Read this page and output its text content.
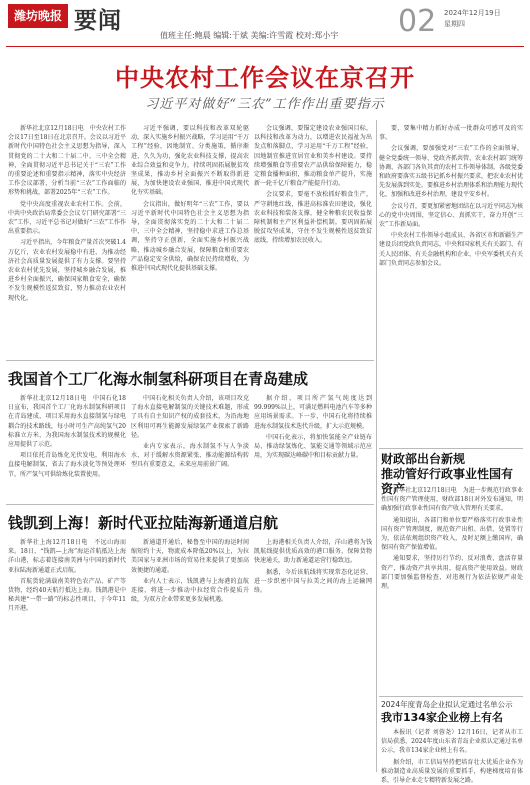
潍坊晚报 要闻
值班主任:鲍晨 编辑:于斌 美编:许雪霞 校对:郑小宇 02 2024年12月19日
星期四
中央农村工作会议在京召开
习近平对做好“三农”工作作出重要指示

新华社北京12月18日电　中央农村工作会议17日至18日在北京召开。会议以习近平新时代中国特色社会主义思想为指导，深入贯彻党的二十大和二十届二中、三中全会精神，全面贯彻习近平总书记关于“三农”工作的重要论述和重要指示精神，落实中央经济工作会议部署，分析当前“三农”工作面临的形势和挑战，部署2025年“三农”工作。

党中央高度重视农业农村工作。会前，中共中央政治局常委会会议专门研究部署“三农”工作，习近平总书记对做好“三农”工作作出重要指示。

习近平指出，今年粮食产量首次突破1.4万亿斤，农业农村发展稳中有进，为推动经济社会高质量发展提供了有力支撑。要坚持农业农村优先发展，坚持城乡融合发展，推进乡村全面振兴，确保国家粮食安全，确保不发生规模性返贫致贫，努力推动农业农村现代化。

习近平强调，要以科技和改革双轮驱动，深入实施乡村振兴战略，学习运用“千万工程”经验，因地制宜、分类施策，循序渐进、久久为功，强化农业科技支撑，提高农业综合效益和竞争力，持续巩固拓展脱贫攻坚成果，推动乡村全面振兴不断取得新进展，为加快建设农业强国、推进中国式现代化夯实基础。

会议指出，做好明年“三农”工作，要以习近平新时代中国特色社会主义思想为指导，全面贯彻落实党的二十大和二十届二中、三中全会精神，坚持稳中求进工作总基调，坚持守正创新，全面实施乡村振兴战略，推动城乡融合发展，保障粮食和重要农产品稳定安全供给，确保农民持续增收，为推进中国式现代化提供基础支撑。

会议强调，要锚定建设农业强国目标，以科技和改革为动力，以增进农民福祉为出发点和落脚点，学习运用“千万工程”经验，因地制宜推进宜居宜业和美乡村建设。要持续增强粮食等重要农产品供给保障能力，稳定粮食播种面积，推动粮食单产提升，实施新一轮千亿斤粮食产能提升行动。

会议要求，要毫不放松抓好粮食生产，严守耕地红线，推进高标准农田建设，强化农业科技和装备支撑，健全种粮农民收益保障机制和主产区利益补偿机制。要巩固拓展脱贫攻坚成果，守住不发生规模性返贫致贫底线，持续增加农民收入。

要，要集中精力抓好办成一批群众可感可及的实事。

会议强调，要加强党对“三农”工作的全面领导，健全党委统一领导、党政齐抓共管、农业农村部门统筹协调、各部门各负其责的农村工作领导体制。各级党委和政府要落实五级书记抓乡村振兴要求，把农业农村优先发展落到实处。要推进乡村治理体系和治理能力现代化，加强和改进乡村治理，建设平安乡村。

会议号召，要更加紧密地团结在以习近平同志为核心的党中央周围，坚定信心、真抓实干，奋力开创“三农”工作新局面。

中央农村工作领导小组成员、各省区市和新疆生产建设兵团党政负责同志，中央和国家机关有关部门、有关人民团体、有关金融机构和企业、中央军委机关有关部门负责同志参加会议。

我国首个工厂化海水制氢科研项目在青岛建成

新华社北京12月18日电　中国石化18日宣布，我国首个工厂化海水制氢科研项目在青岛建成，项目采用海水直接制氢与绿电耦合的技术路线，每小时可生产高纯氢气20标准立方米，为我国海水制氢技术的规模化应用提供了示范。

项目依托青岛炼化光伏发电，利用海水直接电解制氢，省去了海水淡化等预处理环节，所产氢气可供给炼化装置使用。

中国石化相关负责人介绍，该项目攻克了海水直接电解制氢的关键技术难题，形成了具有自主知识产权的成套技术，为沿海地区利用可再生能源发展绿氢产业探索了新路径。

业内专家表示，海水制氢不与人争淡水，对于缓解水资源紧张、推动能源结构转型具有重要意义，未来应用前景广阔。

据介绍，项目所产氢气纯度达到99.999%以上，可满足燃料电池汽车等多种应用场景需求。下一步，中国石化将持续推进海水制氢技术迭代升级，扩大示范规模。

中国石化表示，将加快氢能全产业链布局，推动绿氢炼化、氢能交通等领域示范应用，为实现碳达峰碳中和目标贡献力量。

钱凯到上海！新时代亚拉陆海新通道启航

新华社上海12月18日电　不远山海而来。18日，“钱凯—上海”海运首航抵达上海洋山港，标志着连接南美洲与中国的新时代亚拉陆海新通道正式启航。

首航货轮满载南美特色农产品、矿产等货物，经约40天航行抵达上海。钱凯港是中秘共建“一带一路”的标志性项目，于今年11月开港。

新通道开通后，秘鲁至中国的海运时间缩短约十天，物流成本降低20%以上，为拉美国家与亚洲市场的贸易往来提供了更加高效便捷的通道。

业内人士表示，钱凯港与上海港的直航连接，将进一步推动中拉经贸合作提质升级，为双方企业带来更多发展机遇。

上海港相关负责人介绍，洋山港将为钱凯航线提供优质高效的港口服务，保障货物快速通关，助力新通道运营行稳致远。

据悉，今后该航线将实现常态化运营，进一步织密中国与拉美之间的海上运输网络。

财政部出台新规
推动管好行政事业性国有资产

新华社北京12月18日电　为进一步规范行政事业性国有资产管理使用，财政部18日对外发布通知，明确加强行政事业性国有资产收入管理有关要求。

通知提出，各部门和单位要严格落实行政事业性国有资产管理制度，规范资产出租、出借、处置等行为，依法依规组织资产收入，及时足额上缴国库，确保国有资产保值增值。

通知要求，坚持厉行节约、反对浪费，盘活存量资产，推动资产共享共用，提高资产使用效益。财政部门要加强监督检查，对违规行为依法依规严肃处理。

2024年度青岛企业拟认定通过名单公示
我市134家企业榜上有名

本报讯（记者 刘蓉尧）12月16日，记者从市工信局获悉，2024年度山东省青岛企业拟认定通过名单公示，我市134家企业榜上有名。

据介绍，市工信局坚持把培育壮大优质企业作为推动制造业高质量发展的重要抓手，构建梯度培育体系，引导企业走专精特新发展之路。
